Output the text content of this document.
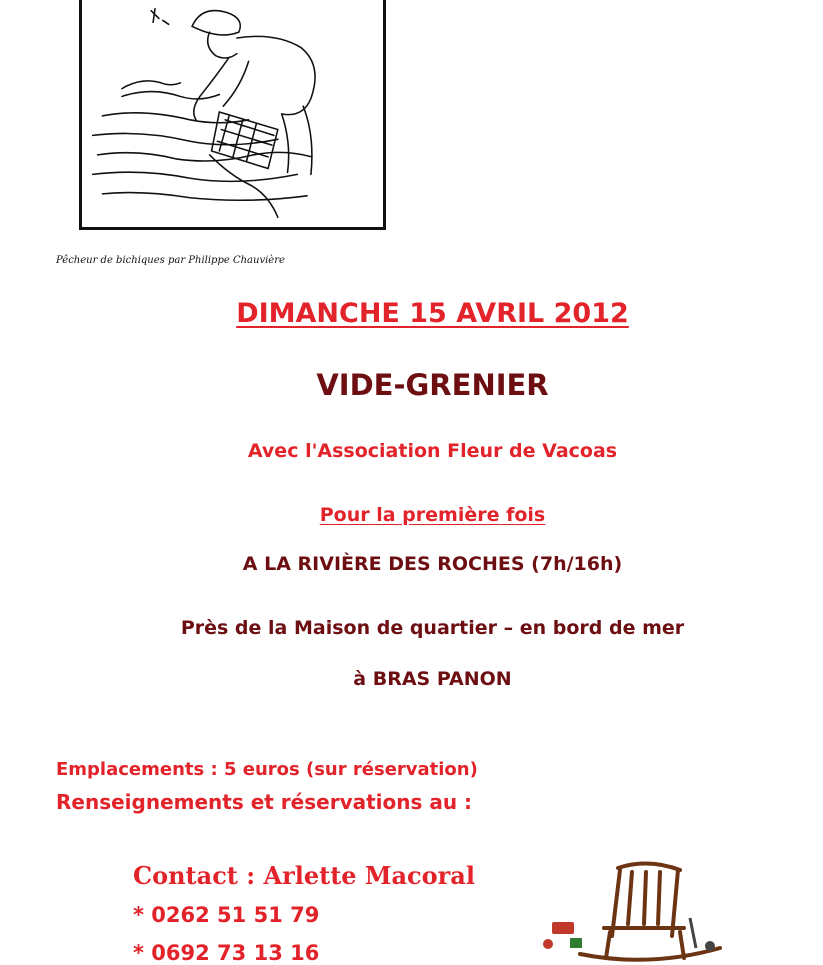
Pêcheur de bichiques par Philippe Chauvière
DIMANCHE 15 AVRIL 2012
VIDE-GRENIER
Avec l'Association Fleur de Vacoas
Pour la première fois
A LA RIVIÈRE DES ROCHES (7h/16h)
Près de la Maison de quartier – en bord de mer
à BRAS PANON
Emplacements : 5 euros (sur réservation)
Renseignements et réservations au :
Contact : Arlette Macoral
* 0262 51 51 79
* 0692 73 13 16
